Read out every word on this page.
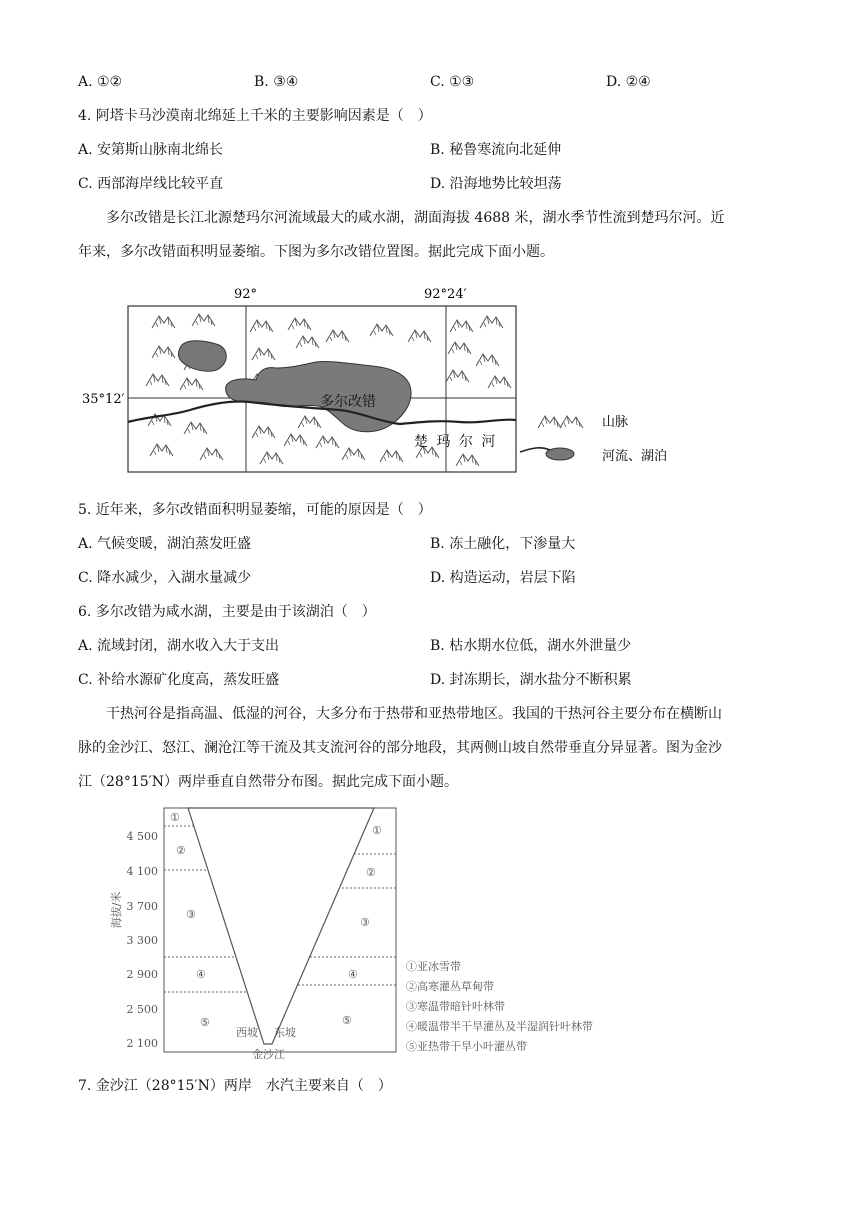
A. ①②	B. ③④	C. ①③	D. ②④
4. 阿塔卡马沙漠南北绵延上千米的主要影响因素是（　）
A. 安第斯山脉南北绵长	B. 秘鲁寒流向北延伸
C. 西部海岸线比较平直	D. 沿海地势比较坦荡
多尔改错是长江北源楚玛尔河流域最大的咸水湖，湖面海拔 4688 米，湖水季节性流到楚玛尔河。近
年来，多尔改错面积明显萎缩。下图为多尔改错位置图。据此完成下面小题。
92°	92°24′
35°12′	多尔改错
楚 玛 尔 河
山脉
河流、湖泊
5. 近年来，多尔改错面积明显萎缩，可能的原因是（　）
A. 气候变暖，湖泊蒸发旺盛	B. 冻土融化，下渗量大
C. 降水减少，入湖水量减少	D. 构造运动，岩层下陷
6. 多尔改错为咸水湖，主要是由于该湖泊（　）
A. 流域封闭，湖水收入大于支出	B. 枯水期水位低，湖水外泄量少
C. 补给水源矿化度高，蒸发旺盛	D. 封冻期长，湖水盐分不断积累
干热河谷是指高温、低湿的河谷，大多分布于热带和亚热带地区。我国的干热河谷主要分布在横断山
脉的金沙江、怒江、澜沧江等干流及其支流河谷的部分地段，其两侧山坡自然带垂直分异显著。图为金沙
江（28°15′N）两岸垂直自然带分布图。据此完成下面小题。
①
②
③
④
⑤
①
②
③
④
⑤
海拔/米
4 500
4 100
3 700
3 300
2 900
2 500
2 100
西坡 东坡
金沙江
①亚冰雪带
②高寒灌丛草甸带
③寒温带暗针叶林带
④暖温带半干旱灌丛及半湿润针叶林带
⑤亚热带干旱小叶灌丛带
7. 金沙江（28°15′N）两岸　水汽主要来自（　）
